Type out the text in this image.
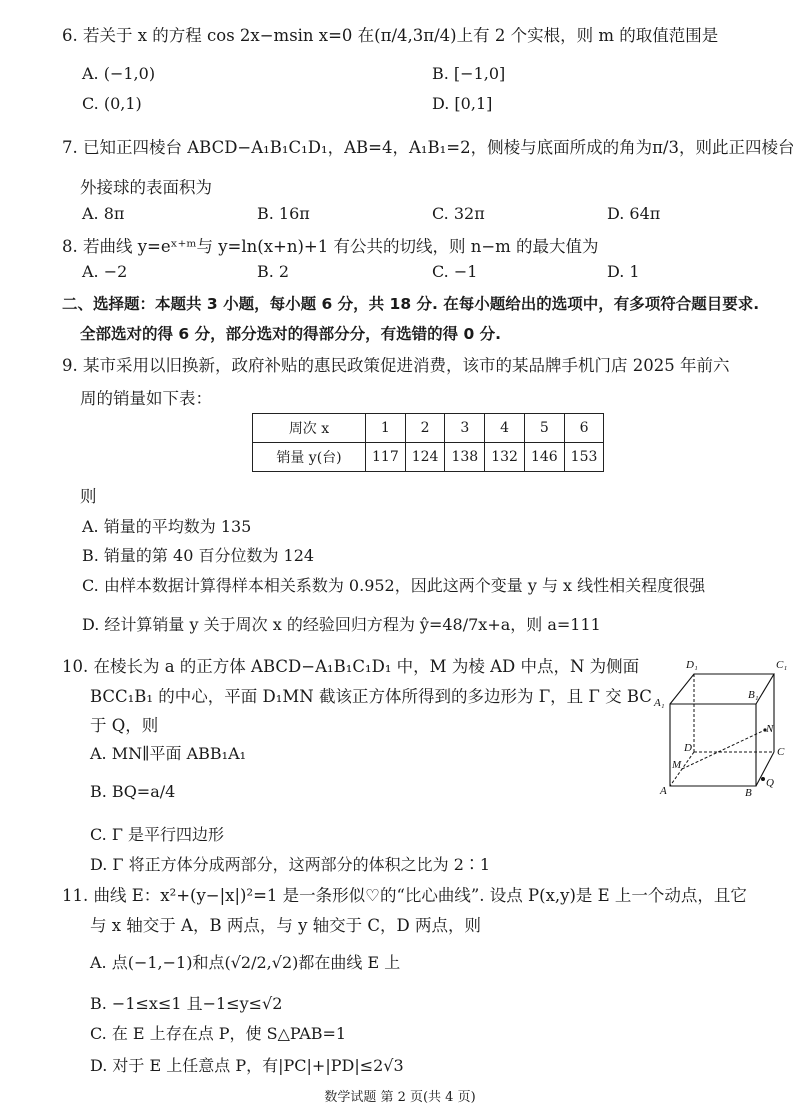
6. 若关于 x 的方程 cos 2x−msin x=0 在(π/4,3π/4)上有 2 个实根，则 m 的取值范围是
A. (−1,0)	B. [−1,0]
C. (0,1)	D. [0,1]
7. 已知正四棱台 ABCD−A₁B₁C₁D₁，AB=4，A₁B₁=2，侧棱与底面所成的角为π/3，则此正四棱台
外接球的表面积为
A. 8π	B. 16π	C. 32π	D. 64π
8. 若曲线 y=eˣ⁺ᵐ与 y=ln(x+n)+1 有公共的切线，则 n−m 的最大值为
A. −2	B. 2	C. −1	D. 1
二、选择题：本题共 3 小题，每小题 6 分，共 18 分. 在每小题给出的选项中，有多项符合题目要求.
全部选对的得 6 分，部分选对的得部分分，有选错的得 0 分.
9. 某市采用以旧换新，政府补贴的惠民政策促进消费，该市的某品牌手机门店 2025 年前六
周的销量如下表：
周次 x	1	2	3	4	5	6
销量 y(台)	117	124	138	132	146	153
则
A. 销量的平均数为 135
B. 销量的第 40 百分位数为 124
C. 由样本数据计算得样本相关系数为 0.952，因此这两个变量 y 与 x 线性相关程度很强
D. 经计算销量 y 关于周次 x 的经验回归方程为 ŷ=48/7x+a，则 a=111
10. 在棱长为 a 的正方体 ABCD−A₁B₁C₁D₁ 中，M 为棱 AD 中点，N 为侧面
BCC₁B₁ 的中心，平面 D₁MN 截该正方体所得到的多边形为 Γ，且 Γ 交 BC
于 Q，则
A. MN∥平面 ABB₁A₁
B. BQ=a/4
C. Γ 是平行四边形
D. Γ 将正方体分成两部分，这两部分的体积之比为 2∶1
D₁	C₁
A₁
B₁
D	C
N
M
A	B
Q
11. 曲线 E：x²+(y−|x|)²=1 是一条形似♡的“比心曲线”. 设点 P(x,y)是 E 上一个动点，且它
与 x 轴交于 A，B 两点，与 y 轴交于 C，D 两点，则
A. 点(−1,−1)和点(√2/2,√2)都在曲线 E 上
B. −1≤x≤1 且−1≤y≤√2
C. 在 E 上存在点 P，使 S△PAB=1
D. 对于 E 上任意点 P，有|PC|+|PD|≤2√3
数学试题 第 2 页(共 4 页)
